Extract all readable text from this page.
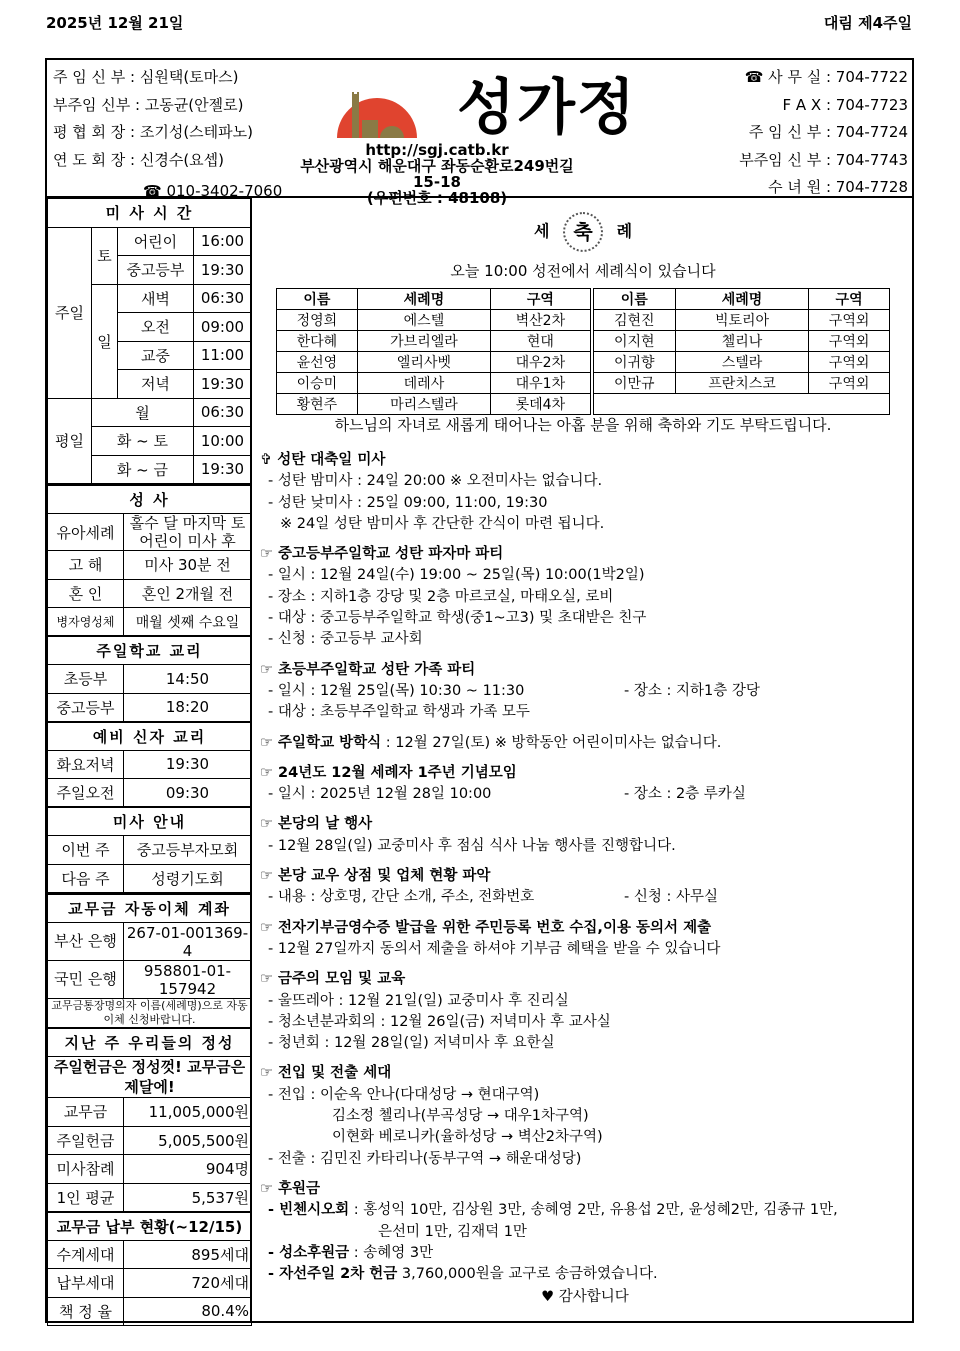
2025년 12월 21일	대림 제4주일
주 임 신 부 : 심원택(토마스)
부주임 신부 : 고동균(안젤로)
평 협 회 장 : 조기성(스테파노)
연 도 회 장 : 신경수(요셉)
☎ 010-3402-7060
성가정
http://sgj.catb.kr
부산광역시 해운대구 좌동순환로249번길 15-18
(우편번호 : 48108)
☎ 사 무 실 : 704-7722
F A X : 704-7723
주 임 신 부 : 704-7724
부주임 신 부 : 704-7743
수 녀 원 : 704-7728
미 사 시 간			
주일	토	어린이	16:00
		중고등부	19:30
	일	새벽	06:30
		오전	09:00
		교중	11:00
		저녁	19:30
평일	월		06:30
	화 ~ 토		10:00
	화 ~ 금		19:30
성 사	
유아세례	홀수 달 마지막 토 어린이 미사 후
고 해	미사 30분 전
혼 인	혼인 2개월 전
병자영성체	매월 셋째 수요일
주일학교 교리	
초등부	14:50
중고등부	18:20
예비 신자 교리	
화요저녁	19:30
주일오전	09:30
미사 안내	
이번 주	중고등부자모회
다음 주	성령기도회
교무금 자동이체 계좌	
부산 은행	267-01-001369-4
국민 은행	958801-01-157942
교무금통장명의자 이름(세례명)으로 자동이체 신청바랍니다.	
지난 주 우리들의 정성	
주일헌금은 정성껏! 교무금은 제달에!	
교무금	11,005,000원
주일헌금	5,005,500원
미사참례	904명
1인 평균	5,537원
교무금 납부 현황(~12/15)	
수계세대	895세대
납부세대	720세대
책 정 율	80.4%
세 축 례
오늘 10:00 성전에서 세례식이 있습니다
이름	세례명	구역	이름	세례명	구역
정영희	에스텔	벽산2차	김현진	빅토리아	구역외
한다혜	가브리엘라	현대	이지현	첼리나	구역외
윤선영	엘리사벳	대우2차	이귀향	스텔라	구역외
이승미	데레사	대우1차	이만규	프란치스코	구역외
황현주	마리스텔라	롯데4차			
하느님의 자녀로 새롭게 태어나는 아홉 분을 위해 축하와 기도 부탁드립니다.
✞ 성탄 대축일 미사
- 성탄 밤미사 : 24일 20:00 ※ 오전미사는 없습니다.
- 성탄 낮미사 : 25일 09:00, 11:00, 19:30
※ 24일 성탄 밤미사 후 간단한 간식이 마련 됩니다.
☞ 중고등부주일학교 성탄 파자마 파티
- 일시 : 12월 24일(수) 19:00 ~ 25일(목) 10:00(1박2일)
- 장소 : 지하1층 강당 및 2층 마르코실, 마태오실, 로비
- 대상 : 중고등부주일학교 학생(중1~고3) 및 초대받은 친구
- 신청 : 중고등부 교사회
☞ 초등부주일학교 성탄 가족 파티
- 일시 : 12월 25일(목) 10:30 ~ 11:30	- 장소 : 지하1층 강당
- 대상 : 초등부주일학교 학생과 가족 모두
☞ 주일학교 방학식 : 12월 27일(토) ※ 방학동안 어린이미사는 없습니다.
☞ 24년도 12월 세례자 1주년 기념모임
- 일시 : 2025년 12월 28일 10:00	- 장소 : 2층 루카실
☞ 본당의 날 행사
- 12월 28일(일) 교중미사 후 점심 식사 나눔 행사를 진행합니다.
☞ 본당 교우 상점 및 업체 현황 파악
- 내용 : 상호명, 간단 소개, 주소, 전화번호	- 신청 : 사무실
☞ 전자기부금영수증 발급을 위한 주민등록 번호 수집,이용 동의서 제출
- 12월 27일까지 동의서 제출을 하셔야 기부금 혜택을 받을 수 있습니다
☞ 금주의 모임 및 교육
- 울뜨레아 : 12월 21일(일) 교중미사 후 진리실
- 청소년분과회의 : 12월 26일(금) 저녁미사 후 교사실
- 청년회 : 12월 28일(일) 저녁미사 후 요한실
☞ 전입 및 전출 세대
- 전입 : 이순옥 안나(다대성당 → 현대구역)
김소정 첼리나(부곡성당 → 대우1차구역)
이현화 베로니카(율하성당 → 벽산2차구역)
- 전출 : 김민진 카타리나(동부구역 → 해운대성당)
☞ 후원금
- 빈첸시오회 : 홍성익 10만, 김상원 3만, 송혜영 2만, 유용섭 2만, 윤성혜2만, 김종규 1만,
은선미 1만, 김재덕 1만
- 성소후원금 : 송혜영 3만
- 자선주일 2차 헌금 3,760,000원을 교구로 송금하였습니다.
♥ 감사합니다
